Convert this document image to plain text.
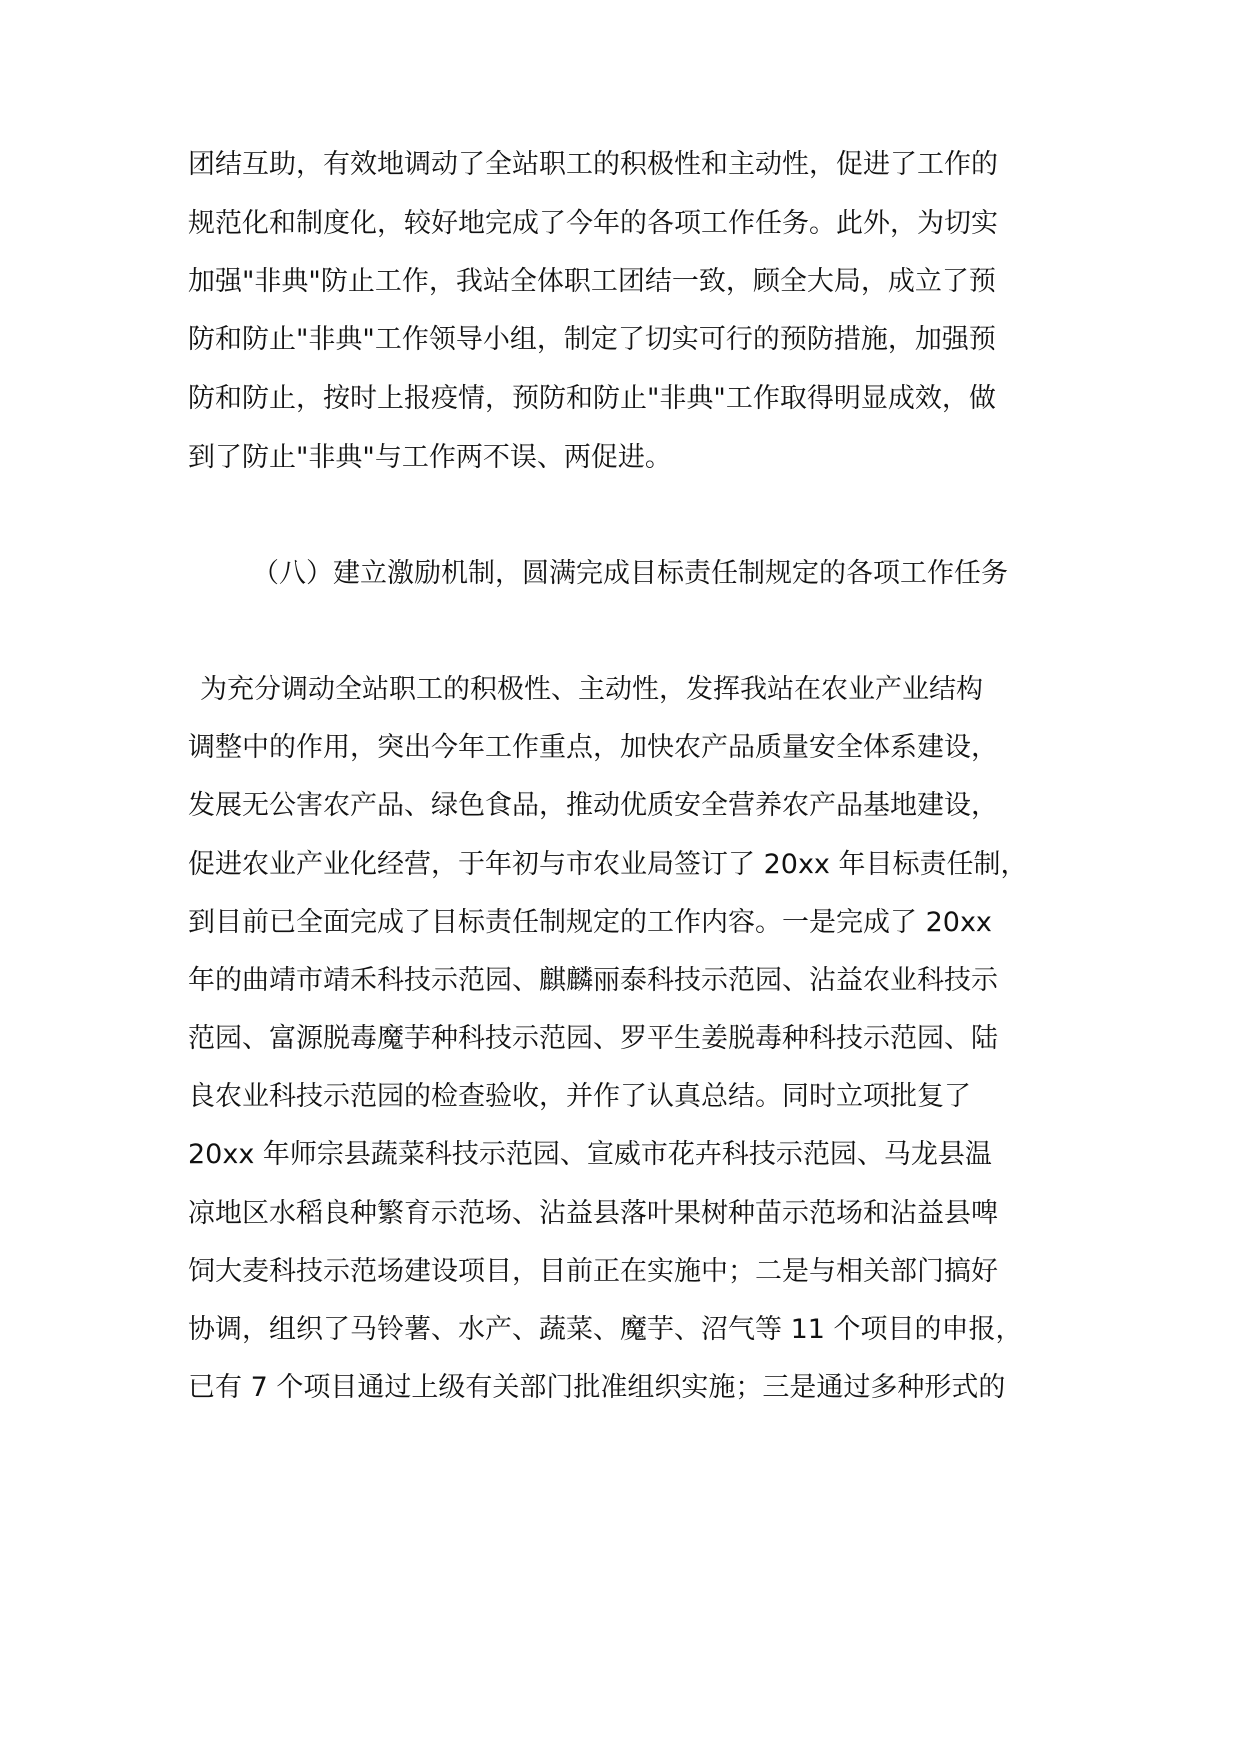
团结互助，有效地调动了全站职工的积极性和主动性，促进了工作的
规范化和制度化，较好地完成了今年的各项工作任务。此外，为切实
加强"非典"防止工作，我站全体职工团结一致，顾全大局，成立了预
防和防止"非典"工作领导小组，制定了切实可行的预防措施，加强预
防和防止，按时上报疫情，预防和防止"非典"工作取得明显成效，做
到了防止"非典"与工作两不误、两促进。
（八）建立激励机制，圆满完成目标责任制规定的各项工作任务
为充分调动全站职工的积极性、主动性，发挥我站在农业产业结构
调整中的作用，突出今年工作重点，加快农产品质量安全体系建设，
发展无公害农产品、绿色食品，推动优质安全营养农产品基地建设，
促进农业产业化经营，于年初与市农业局签订了 20xx 年目标责任制，
到目前已全面完成了目标责任制规定的工作内容。一是完成了 20xx
年的曲靖市靖禾科技示范园、麒麟丽泰科技示范园、沾益农业科技示
范园、富源脱毒魔芋种科技示范园、罗平生姜脱毒种科技示范园、陆
良农业科技示范园的检查验收，并作了认真总结。同时立项批复了
20xx 年师宗县蔬菜科技示范园、宣威市花卉科技示范园、马龙县温
凉地区水稻良种繁育示范场、沾益县落叶果树种苗示范场和沾益县啤
饲大麦科技示范场建设项目，目前正在实施中；二是与相关部门搞好
协调，组织了马铃薯、水产、蔬菜、魔芋、沼气等 11 个项目的申报，
已有 7 个项目通过上级有关部门批准组织实施；三是通过多种形式的
